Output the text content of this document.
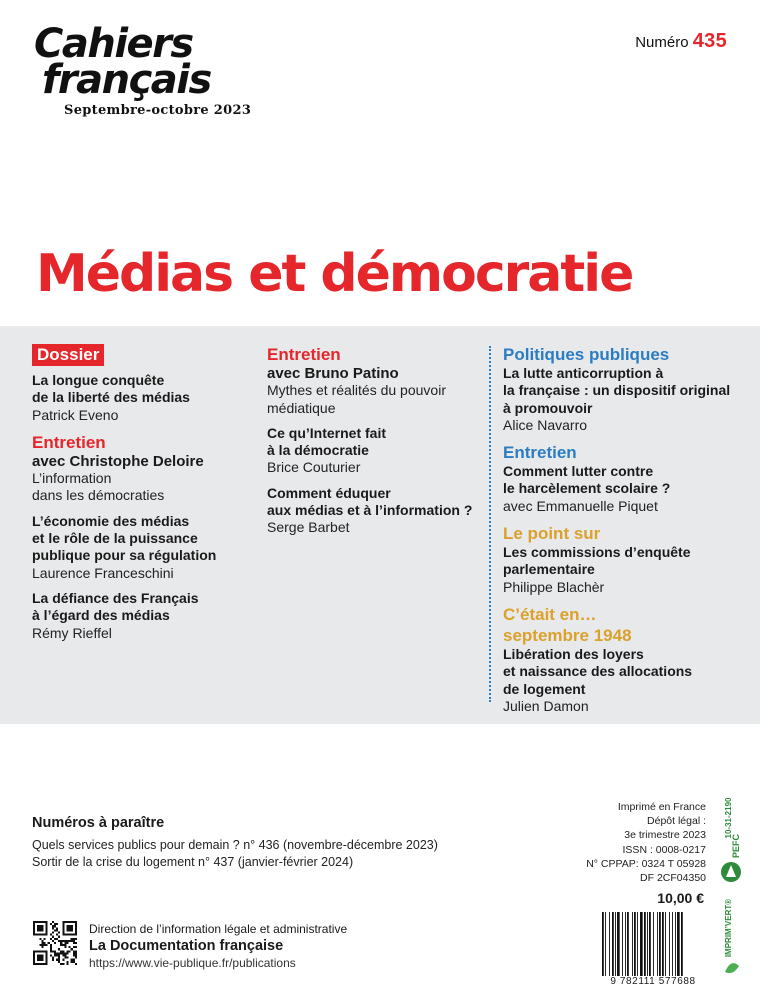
Cahiers
français
Septembre-octobre 2023
Numéro 435
Médias et démocratie
Dossier
La longue conquête
de la liberté des médias
Patrick Eveno
Entretien
avec Christophe Deloire
L’information
dans les démocraties
L’économie des médias
et le rôle de la puissance
publique pour sa régulation
Laurence Franceschini
La défiance des Français
à l’égard des médias
Rémy Rieffel
Entretien
avec Bruno Patino
Mythes et réalités du pouvoir
médiatique
Ce qu’Internet fait
à la démocratie
Brice Couturier
Comment éduquer
aux médias et à l’information ?
Serge Barbet
Politiques publiques
La lutte anticorruption à
la française : un dispositif original
à promouvoir
Alice Navarro
Entretien
Comment lutter contre
le harcèlement scolaire ?
avec Emmanuelle Piquet
Le point sur
Les commissions d’enquête
parlementaire
Philippe Blachèr
C’était en…
septembre 1948
Libération des loyers
et naissance des allocations
de logement
Julien Damon
Numéros à paraître
Quels services publics pour demain ? n° 436 (novembre-décembre 2023)
Sortir de la crise du logement n° 437 (janvier-février 2024)
Imprimé en France
Dépôt légal :
3e trimestre 2023
ISSN : 0008-0217
N° CPPAP: 0324 T 05928
DF 2CF04350
10,00 €
9 782111 577688
10-31-2190
PEFC
IMPRIM’VERT®
Direction de l’information légale et administrative
La Documentation française
https://www.vie-publique.fr/publications
